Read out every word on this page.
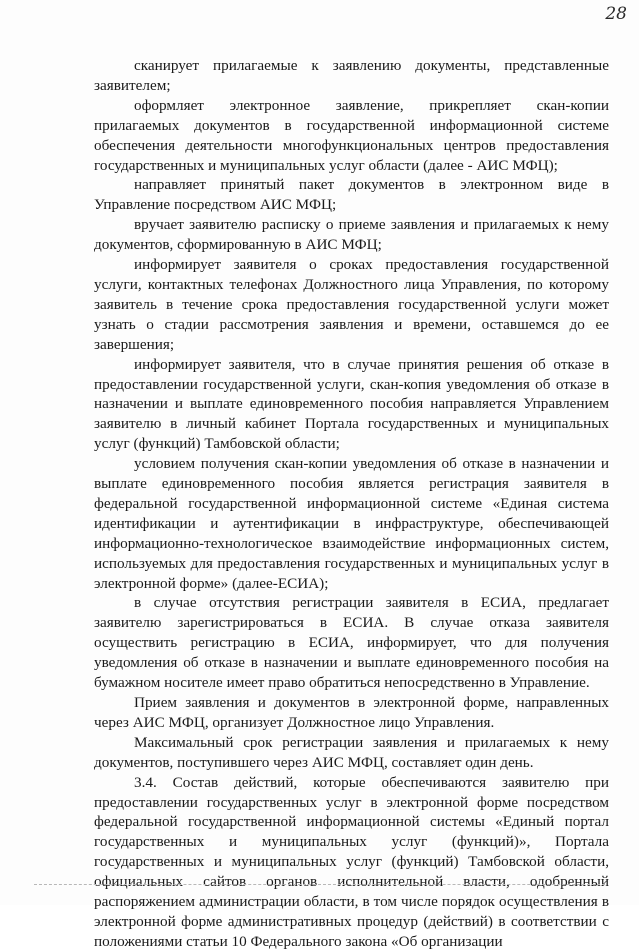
28

сканирует прилагаемые к заявлению документы, представленные заявителем;

оформляет электронное заявление, прикрепляет скан-копии прилагаемых документов в государственной информационной системе обеспечения деятельности многофункциональных центров предоставления государственных и муниципальных услуг области (далее - АИС МФЦ);

направляет принятый пакет документов в электронном виде в Управление посредством АИС МФЦ;

вручает заявителю расписку о приеме заявления и прилагаемых к нему документов, сформированную в АИС МФЦ;

информирует заявителя о сроках предоставления государственной услуги, контактных телефонах Должностного лица Управления, по которому заявитель в течение срока предоставления государственной услуги может узнать о стадии рассмотрения заявления и времени, оставшемся до ее завершения;

информирует заявителя, что в случае принятия решения об отказе в предоставлении государственной услуги, скан-копия уведомления об отказе в назначении и выплате единовременного пособия направляется Управлением заявителю в личный кабинет Портала государственных и муниципальных услуг (функций) Тамбовской области;

условием получения скан-копии уведомления об отказе в назначении и выплате единовременного пособия является регистрация заявителя в федеральной государственной информационной системе «Единая система идентификации и аутентификации в инфраструктуре, обеспечивающей информационно-технологическое взаимодействие информационных систем, используемых для предоставления государственных и муниципальных услуг в электронной форме» (далее-ЕСИА);

в случае отсутствия регистрации заявителя в ЕСИА, предлагает заявителю зарегистрироваться в ЕСИА. В случае отказа заявителя осуществить регистрацию в ЕСИА, информирует, что для получения уведомления об отказе в назначении и выплате единовременного пособия на бумажном носителе имеет право обратиться непосредственно в Управление.

Прием заявления и документов в электронной форме, направленных через АИС МФЦ, организует Должностное лицо Управления.

Максимальный срок регистрации заявления и прилагаемых к нему документов, поступившего через АИС МФЦ, составляет один день.

3.4. Состав действий, которые обеспечиваются заявителю при предоставлении государственных услуг в электронной форме посредством федеральной государственной информационной системы «Единый портал государственных и муниципальных услуг (функций)», Портала государственных и муниципальных услуг (функций) Тамбовской области, официальных сайтов органов исполнительной власти, одобренный распоряжением администрации области, в том числе порядок осуществления в электронной форме административных процедур (действий) в соответствии с положениями статьи 10 Федерального закона «Об организации
